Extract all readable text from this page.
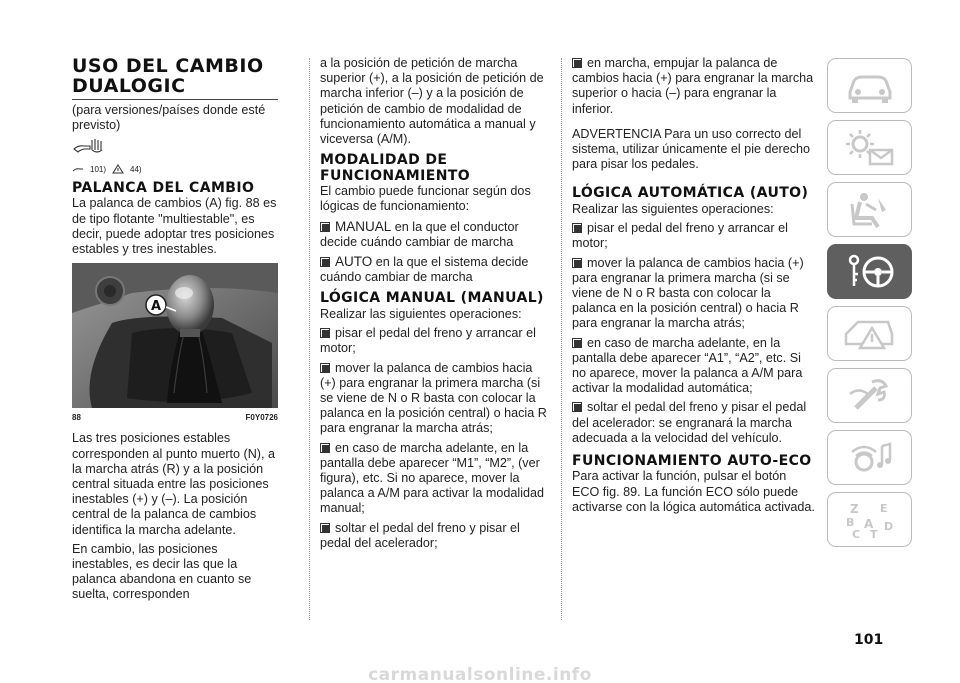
USO DEL CAMBIO
DUALOGIC

(para versiones/países donde esté previsto)

101)	44)
PALANCA DEL CAMBIO

La palanca de cambios (A) fig. 88 es de tipo flotante "multiestable", es decir, puede adoptar tres posiciones estables y tres inestables.

A
88	F0Y0726

Las tres posiciones estables corresponden al punto muerto (N), a la marcha atrás (R) y a la posición central situada entre las posiciones inestables (+) y (–). La posición central de la palanca de cambios identifica la marcha adelante.

En cambio, las posiciones inestables, es decir las que la palanca abandona en cuanto se suelta, corresponden

a la posición de petición de marcha superior (+), a la posición de petición de marcha inferior (–) y a la posición de petición de cambio de modalidad de funcionamiento automática a manual y viceversa (A/M).

MODALIDAD DE FUNCIONAMIENTO

El cambio puede funcionar según dos lógicas de funcionamiento:

MANUAL en la que el conductor decide cuándo cambiar de marcha

AUTO en la que el sistema decide cuándo cambiar de marcha

LÓGICA MANUAL (MANUAL)

Realizar las siguientes operaciones:

pisar el pedal del freno y arrancar el motor;

mover la palanca de cambios hacia (+) para engranar la primera marcha (si se viene de N o R basta con colocar la palanca en la posición central) o hacia R para engranar la marcha atrás;

en caso de marcha adelante, en la pantalla debe aparecer “M1”, “M2”, (ver figura), etc. Si no aparece, mover la palanca a A/M para activar la modalidad manual;

soltar el pedal del freno y pisar el pedal del acelerador;

en marcha, empujar la palanca de cambios hacia (+) para engranar la marcha superior o hacia (–) para engranar la inferior.

ADVERTENCIA Para un uso correcto del sistema, utilizar únicamente el pie derecho para pisar los pedales.

LÓGICA AUTOMÁTICA (AUTO)

Realizar las siguientes operaciones:

pisar el pedal del freno y arrancar el motor;

mover la palanca de cambios hacia (+) para engranar la primera marcha (si se viene de N o R basta con colocar la palanca en la posición central) o hacia R para engranar la marcha atrás;

en caso de marcha adelante, en la pantalla debe aparecer “A1”, “A2”, etc. Si no aparece, mover la palanca a A/M para activar la modalidad automática;

soltar el pedal del freno y pisar el pedal del acelerador: se engranará la marcha adecuada a la velocidad del vehículo.

FUNCIONAMIENTO AUTO-ECO

Para activar la función, pulsar el botón ECO fig. 89. La función ECO sólo puede activarse con la lógica automática activada.	Z E
B A
C T
D
101
carmanualsonline.info
